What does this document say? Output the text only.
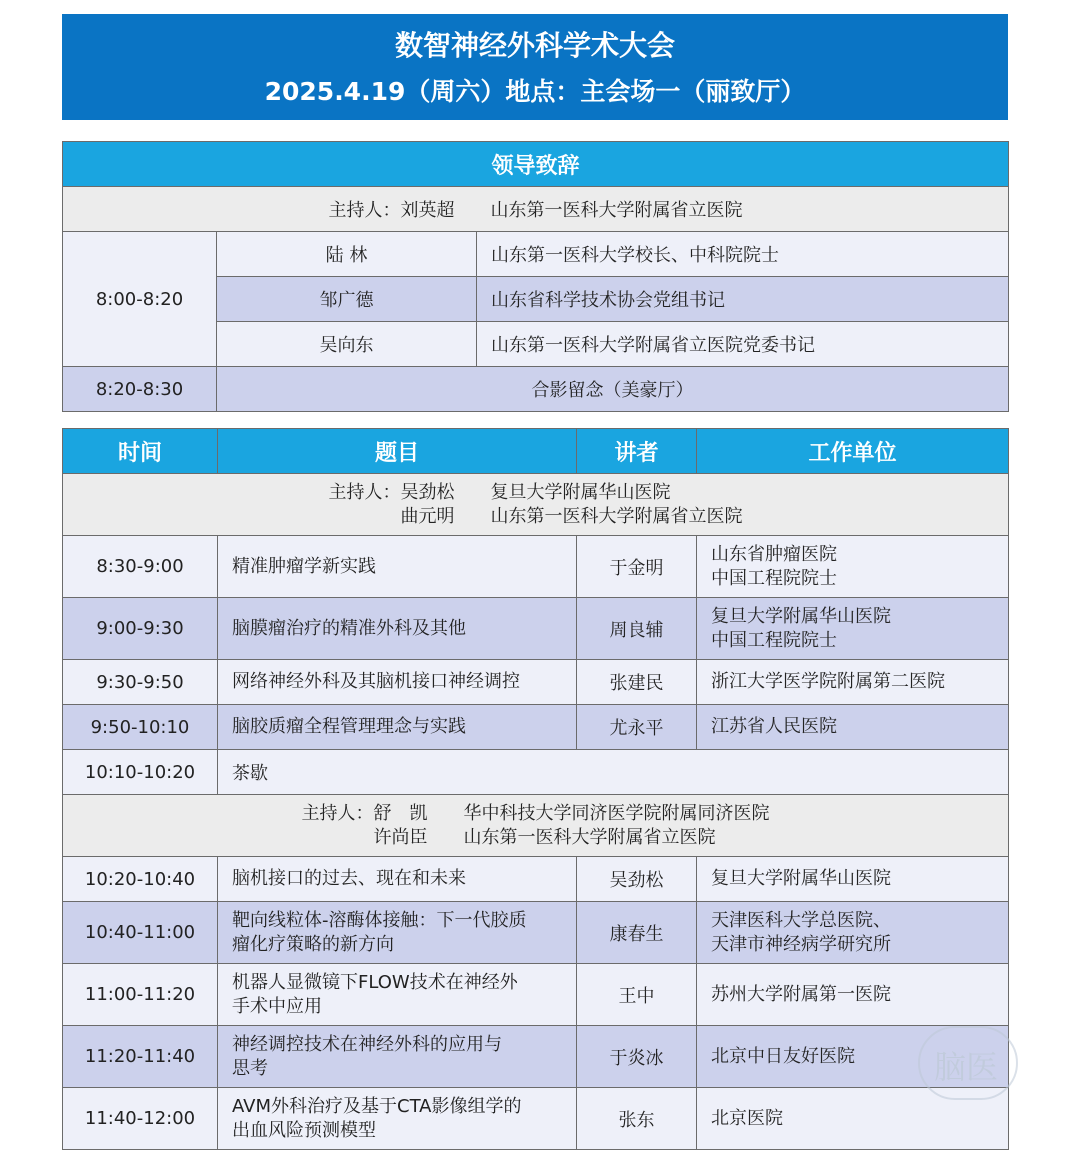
数智神经外科学术大会
2025.4.19（周六）地点：主会场一（丽致厅）
领导致辞		
主持人：刘英超　　山东第一医科大学附属省立医院		
8:00-8:20	陆 林	山东第一医科大学校长、中科院院士
	邹广德	山东省科学技术协会党组书记
	吴向东	山东第一医科大学附属省立医院党委书记
8:20-8:30	合影留念（美豪厅）	
时间	题目	讲者	工作单位

主持人：吴劲松　　复旦大学附属华山医院
　　　　曲元明　　山东第一医科大学附属省立医院			

8:30-9:00	精准肿瘤学新实践	于金明	山东省肿瘤医院
中国工程院院士
9:00-9:30	脑膜瘤治疗的精准外科及其他	周良辅	复旦大学附属华山医院
中国工程院院士
9:30-9:50	网络神经外科及其脑机接口神经调控	张建民	浙江大学医学院附属第二医院
9:50-10:10	脑胶质瘤全程管理理念与实践	尤永平	江苏省人民医院
10:10-10:20	茶歇		

主持人：舒　凯　　华中科技大学同济医学院附属同济医院
　　　　许尚臣　　山东第一医科大学附属省立医院			

10:20-10:40	脑机接口的过去、现在和未来	吴劲松	复旦大学附属华山医院
10:40-11:00	靶向线粒体-溶酶体接触：下一代胶质
瘤化疗策略的新方向	康春生	天津医科大学总医院、
天津市神经病学研究所
11:00-11:20	机器人显微镜下FLOW技术在神经外
手术中应用	王中	苏州大学附属第一医院
11:20-11:40	神经调控技术在神经外科的应用与
思考	于炎冰	北京中日友好医院
11:40-12:00	AVM外科治疗及基于CTA影像组学的
出血风险预测模型	张东	北京医院
脑医
